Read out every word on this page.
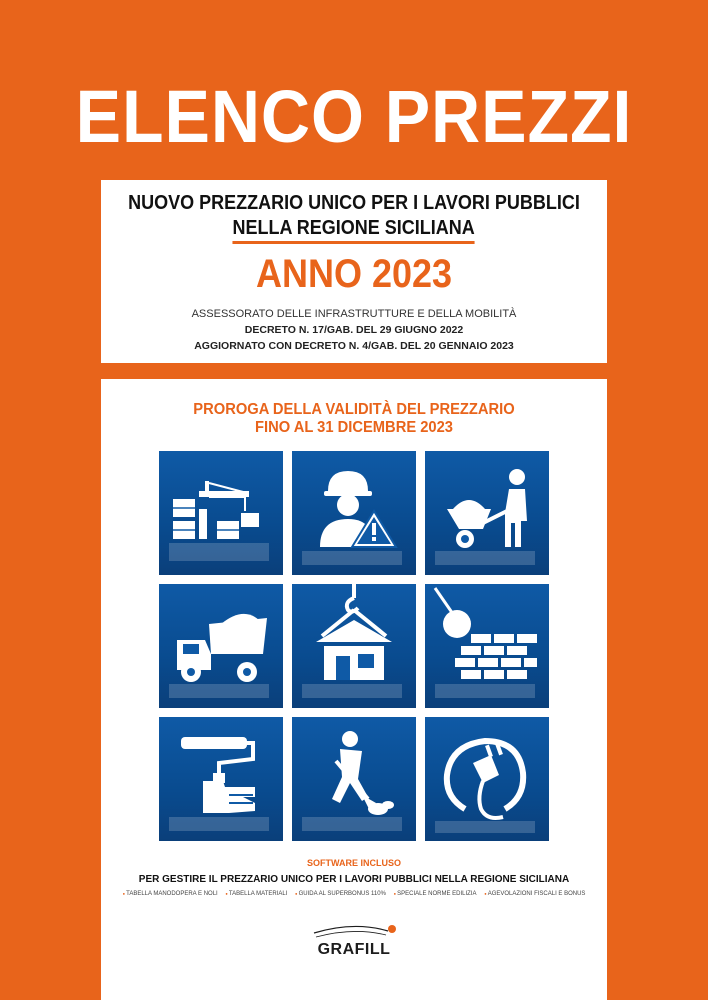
ELENCO PREZZI
NUOVO PREZZARIO UNICO PER I LAVORI PUBBLICI
NELLA REGIONE SICILIANA
ANNO 2023
ASSESSORATO DELLE INFRASTRUTTURE E DELLA MOBILITÀ
DECRETO N. 17/GAB. DEL 29 GIUGNO 2022
AGGIORNATO CON DECRETO N. 4/GAB. DEL 20 GENNAIO 2023
PROROGA DELLA VALIDITÀ DEL PREZZARIO
FINO AL 31 DICEMBRE 2023
SOFTWARE INCLUSO
PER GESTIRE IL PREZZARIO UNICO PER I LAVORI PUBBLICI NELLA REGIONE SICILIANA
● TABELLA MANODOPERA E NOLI ● TABELLA MATERIALI ● GUIDA AL SUPERBONUS 110% ● SPECIALE NORME EDILIZIA ● AGEVOLAZIONI FISCALI E BONUS
GRAFILL
